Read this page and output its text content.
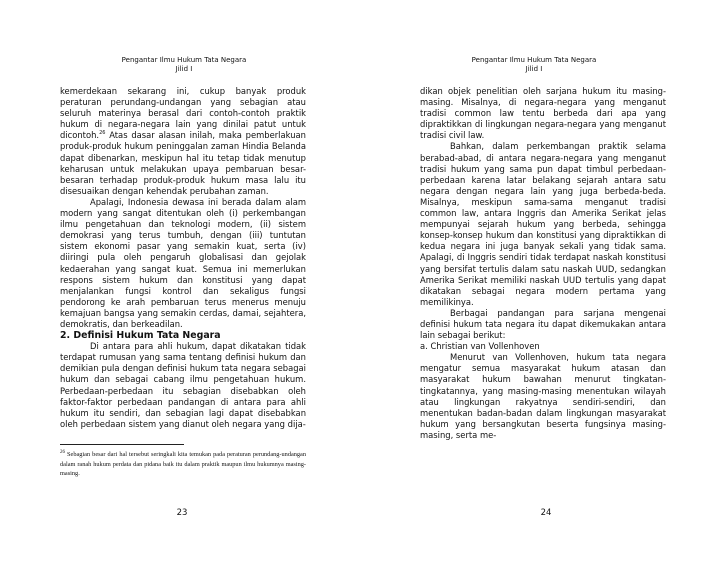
Pengantar Ilmu Hukum Tata Negara
Jilid I

kemerdekaan sekarang ini, cukup banyak produk peraturan perundang-undangan yang sebagian atau seluruh materinya berasal dari contoh-contoh praktik hukum di negara-negara lain yang dinilai patut untuk dicontoh.$^{26}$ Atas dasar alasan inilah, maka pemberlakuan produk-produk hukum peninggalan zaman Hindia Belanda dapat dibenarkan, meskipun hal itu tetap tidak menutup keharusan untuk melakukan upaya pembaruan besar-besaran terhadap produk-produk hukum masa lalu itu disesuaikan dengan kehendak perubahan zaman.

Apalagi, Indonesia dewasa ini berada dalam alam modern yang sangat ditentukan oleh (i) perkembangan ilmu pengetahuan dan teknologi modern, (ii) sistem demokrasi yang terus tumbuh, dengan (iii) tuntutan sistem ekonomi pasar yang semakin kuat, serta (iv) diiringi pula oleh pengaruh globalisasi dan gejolak kedaerahan yang sangat kuat. Semua ini memerlukan respons sistem hukum dan konstitusi yang dapat menjalankan fungsi kontrol dan sekaligus fungsi pendorong ke arah pembaruan terus menerus menuju kemajuan bangsa yang semakin cerdas, damai, sejahtera, demokratis, dan berkeadilan.

2. Definisi Hukum Tata Negara

Di antara para ahli hukum, dapat dikatakan tidak terdapat rumusan yang sama tentang definisi hukum dan demikian pula dengan definisi hukum tata negara sebagai hukum dan sebagai cabang ilmu pengetahuan hukum. Perbedaan-perbedaan itu sebagian disebabkan oleh faktor-faktor perbedaan pandangan di antara para ahli hukum itu sendiri, dan sebagian lagi dapat disebabkan oleh perbedaan sistem yang dianut oleh negara yang dija-

$^{26}$ Sebagian besar dari hal tersebut seringkali kita temukan pada peraturan perundang-undangan dalam ranah hukum perdata dan pidana baik itu dalam praktik maupun ilmu hukumnya masing-masing.
23
Pengantar Ilmu Hukum Tata Negara
Jilid I

dikan objek penelitian oleh sarjana hukum itu masing-masing. Misalnya, di negara-negara yang menganut tradisi common law tentu berbeda dari apa yang dipraktikkan di lingkungan negara-negara yang menganut tradisi civil law.

Bahkan, dalam perkembangan praktik selama berabad-abad, di antara negara-negara yang menganut tradisi hukum yang sama pun dapat timbul perbedaan-perbedaan karena latar belakang sejarah antara satu negara dengan negara lain yang juga berbeda-beda. Misalnya, meskipun sama-sama menganut tradisi common law, antara Inggris dan Amerika Serikat jelas mempunyai sejarah hukum yang berbeda, sehingga konsep-konsep hukum dan konstitusi yang dipraktikkan di kedua negara ini juga banyak sekali yang tidak sama. Apalagi, di Inggris sendiri tidak terdapat naskah konstitusi yang bersifat tertulis dalam satu naskah UUD, sedangkan Amerika Serikat memiliki naskah UUD tertulis yang dapat dikatakan sebagai negara modern pertama yang memilikinya.

Berbagai pandangan para sarjana mengenai definisi hukum tata negara itu dapat dikemukakan antara lain sebagai berikut:

a. Christian van Vollenhoven

Menurut van Vollenhoven, hukum tata negara mengatur semua masyarakat hukum atasan dan masyarakat hukum bawahan menurut tingkatan-tingkatannya, yang masing-masing menentukan wilayah atau lingkungan rakyatnya sendiri-sendiri, dan menentukan badan-badan dalam lingkungan masyarakat hukum yang bersangkutan beserta fungsinya masing-masing, serta me-

24
